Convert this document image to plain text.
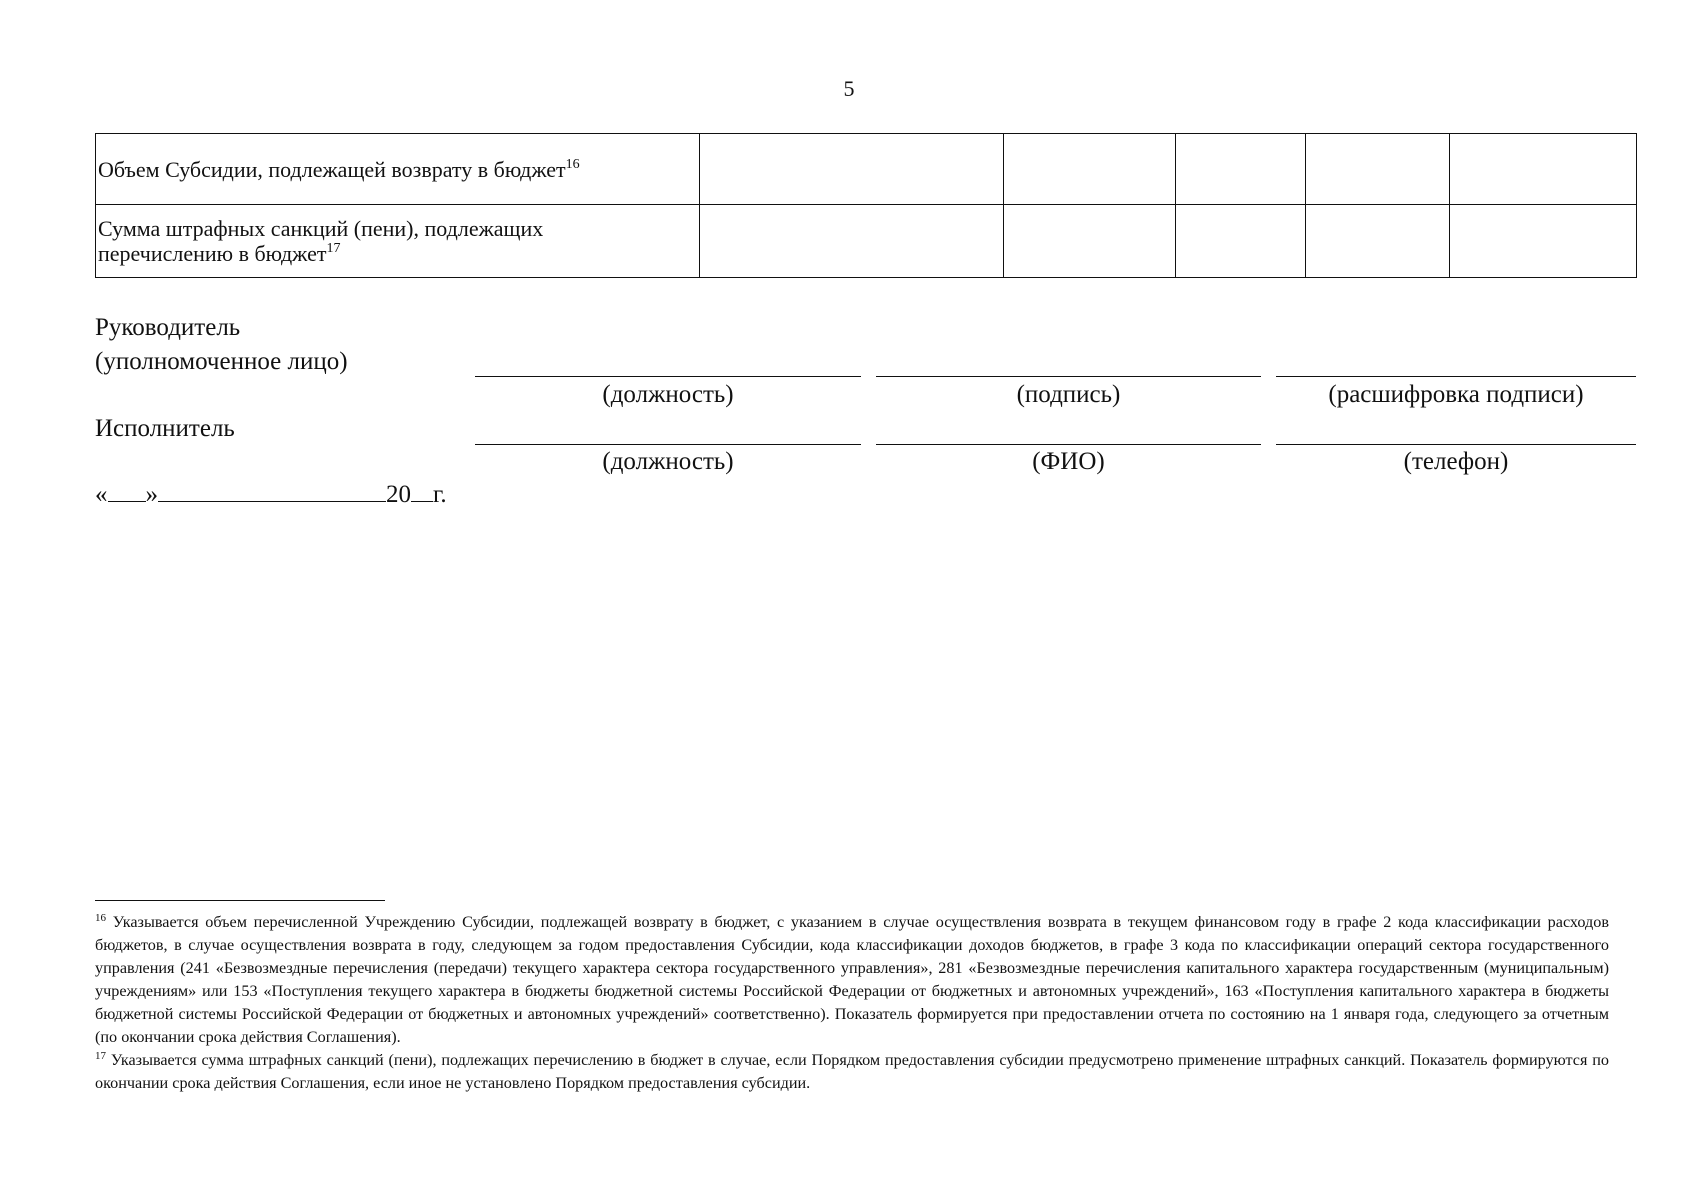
5
Объем Субсидии, подлежащей возврату в бюджет$^{16}$					
Сумма штрафных санкций (пени), подлежащих
перечислению в бюджет$^{17}$					
Руководитель
(уполномоченное лицо)
(должность)	(подпись)	(расшифровка подписи)
Исполнитель
(должность)	(ФИО)	(телефон)
« »	20 г.

$^{16}$ Указывается объем перечисленной Учреждению Субсидии, подлежащей возврату в бюджет, с указанием в случае осуществления возврата в текущем финансовом году в графе 2 кода классификации расходов бюджетов, в случае осуществления возврата в году, следующем за годом предоставления Субсидии, кода классификации доходов бюджетов, в графе 3 кода по классификации операций сектора государственного управления (241 «Безвозмездные перечисления (передачи) текущего характера сектора государственного управления», 281 «Безвозмездные перечисления капитального характера государственным (муниципальным) учреждениям» или 153 «Поступления текущего характера в бюджеты бюджетной системы Российской Федерации от бюджетных и автономных учреждений», 163 «Поступления капитального характера в бюджеты бюджетной системы Российской Федерации от бюджетных и автономных учреждений» соответственно). Показатель формируется при предоставлении отчета по состоянию на 1 января года, следующего за отчетным (по окончании срока действия Соглашения).

$^{17}$ Указывается сумма штрафных санкций (пени), подлежащих перечислению в бюджет в случае, если Порядком предоставления субсидии предусмотрено применение штрафных санкций. Показатель формируются по окончании срока действия Соглашения, если иное не установлено Порядком предоставления субсидии.
